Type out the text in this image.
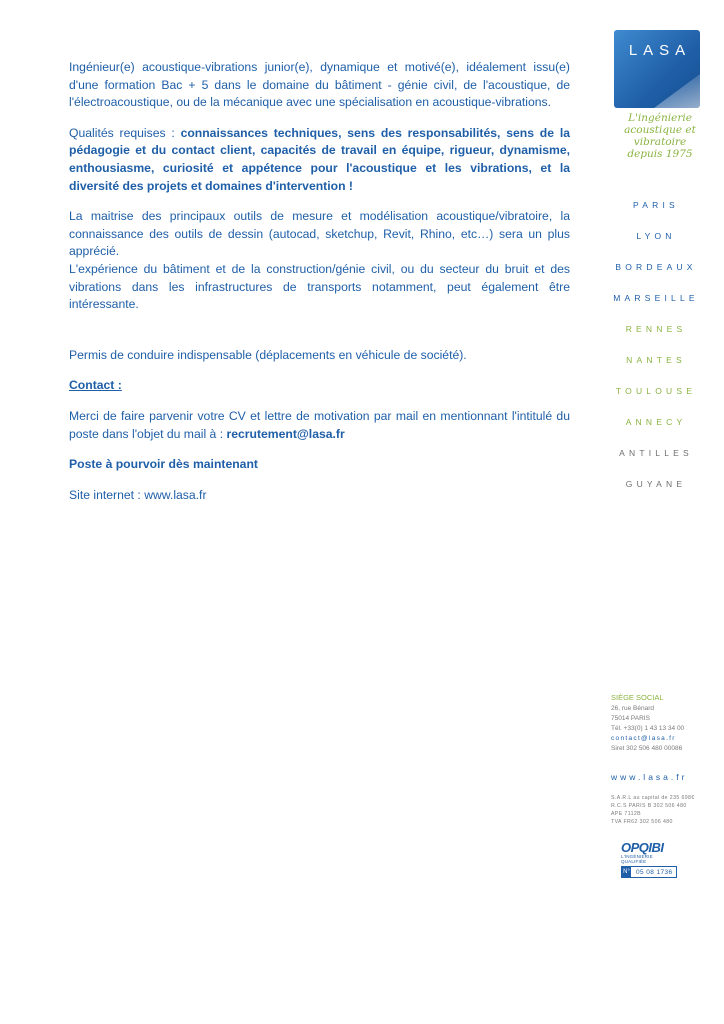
LASA
L'ingénierie
acoustique et vibratoire
depuis 1975

Ingénieur(e) acoustique-vibrations junior(e), dynamique et motivé(e), idéalement issu(e) d'une formation Bac + 5 dans le domaine du bâtiment - génie civil, de l'acoustique, de l'électroacoustique, ou de la mécanique avec une spécialisation en acoustique-vibrations.

Qualités requises : connaissances techniques, sens des responsabilités, sens de la pédagogie et du contact client, capacités de travail en équipe, rigueur, dynamisme, enthousiasme, curiosité et appétence pour l'acoustique et les vibrations, et la diversité des projets et domaines d'intervention !

La maitrise des principaux outils de mesure et modélisation acoustique/vibratoire, la connaissance des outils de dessin (autocad, sketchup, Revit, Rhino, etc…) sera un plus apprécié.

L'expérience du bâtiment et de la construction/génie civil, ou du secteur du bruit et des vibrations dans les infrastructures de transports notamment, peut également être intéressante.

Permis de conduire indispensable (déplacements en véhicule de société).

Contact :

Merci de faire parvenir votre CV et lettre de motivation par mail en mentionnant l'intitulé du poste dans l'objet du mail à : recrutement@lasa.fr

Poste à pourvoir dès maintenant

Site internet : www.lasa.fr

PARIS
LYON
BORDEAUX
MARSEILLE
RENNES
NANTES
TOULOUSE
ANNECY
ANTILLES
GUYANE
SIÈGE SOCIAL
26, rue Bénard
75014 PARIS
Tél. +33(0) 1 43 13 34 00
contact@lasa.fr
Siret 302 506 480 00086
www.lasa.fr
S.A.R.L au capital de 235 698€
R.C.S PARIS B 302 506 480
APE 7112B
TVA FR62 302 506 480
OPQIBI
L'INGÉNIERIE QUALIFIÉE
N° 05 08 1736
